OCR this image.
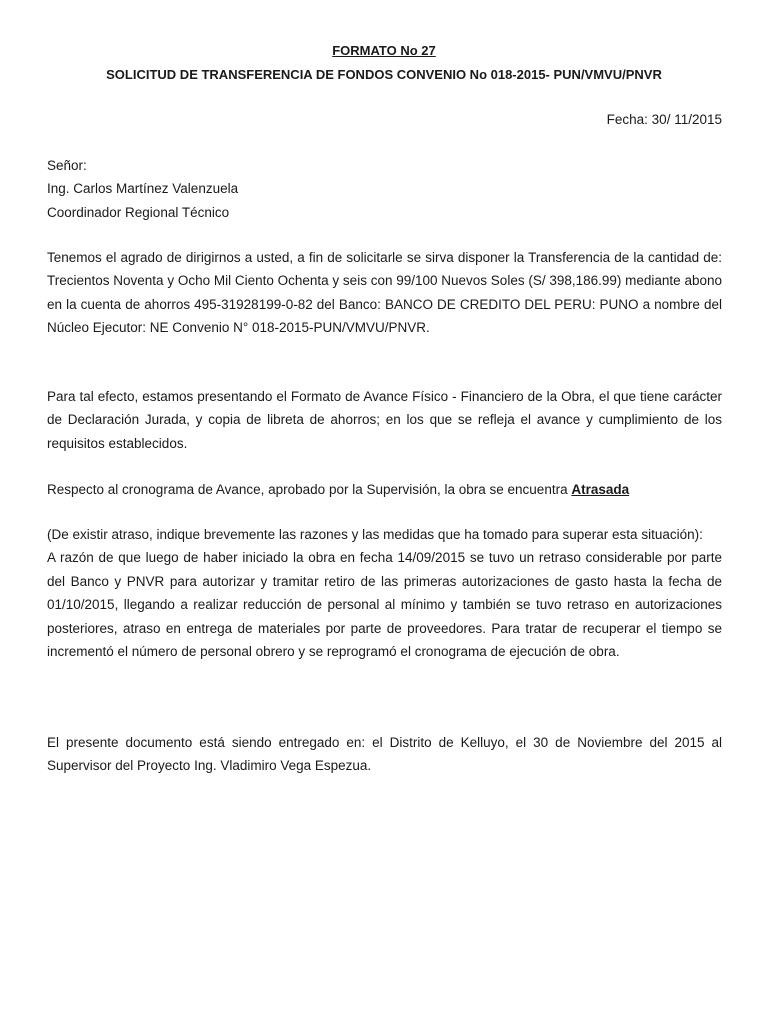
FORMATO No 27
SOLICITUD DE TRANSFERENCIA DE FONDOS CONVENIO No 018-2015- PUN/VMVU/PNVR
Fecha: 30/ 11/2015
Señor:
Ing. Carlos Martínez Valenzuela
Coordinador Regional Técnico
Tenemos el agrado de dirigirnos a usted, a fin de solicitarle se sirva disponer la Transferencia de la cantidad de: Trecientos Noventa y Ocho Mil Ciento Ochenta y seis con 99/100 Nuevos Soles (S/ 398,186.99) mediante abono en la cuenta de ahorros 495-31928199-0-82 del Banco: BANCO DE CREDITO DEL PERU: PUNO a nombre del Núcleo Ejecutor: NE Convenio N° 018-2015-PUN/VMVU/PNVR.
Para tal efecto, estamos presentando el Formato de Avance Físico - Financiero de la Obra, el que tiene carácter de Declaración Jurada, y copia de libreta de ahorros; en los que se refleja el avance y cumplimiento de los requisitos establecidos.
Respecto al cronograma de Avance, aprobado por la Supervisión, la obra se encuentra Atrasada
(De existir atraso, indique brevemente las razones y las medidas que ha tomado para superar esta situación):
A razón de que luego de haber iniciado la obra en fecha 14/09/2015 se tuvo un retraso considerable por parte del Banco y PNVR para autorizar y tramitar retiro de las primeras autorizaciones de gasto hasta la fecha de 01/10/2015, llegando a realizar reducción de personal al mínimo y también se tuvo retraso en autorizaciones posteriores, atraso en entrega de materiales por parte de proveedores. Para tratar de recuperar el tiempo se incrementó el número de personal obrero y se reprogramó el cronograma de ejecución de obra.
El presente documento está siendo entregado en: el Distrito de Kelluyo, el 30 de Noviembre del 2015 al Supervisor del Proyecto Ing. Vladimiro Vega Espezua.
